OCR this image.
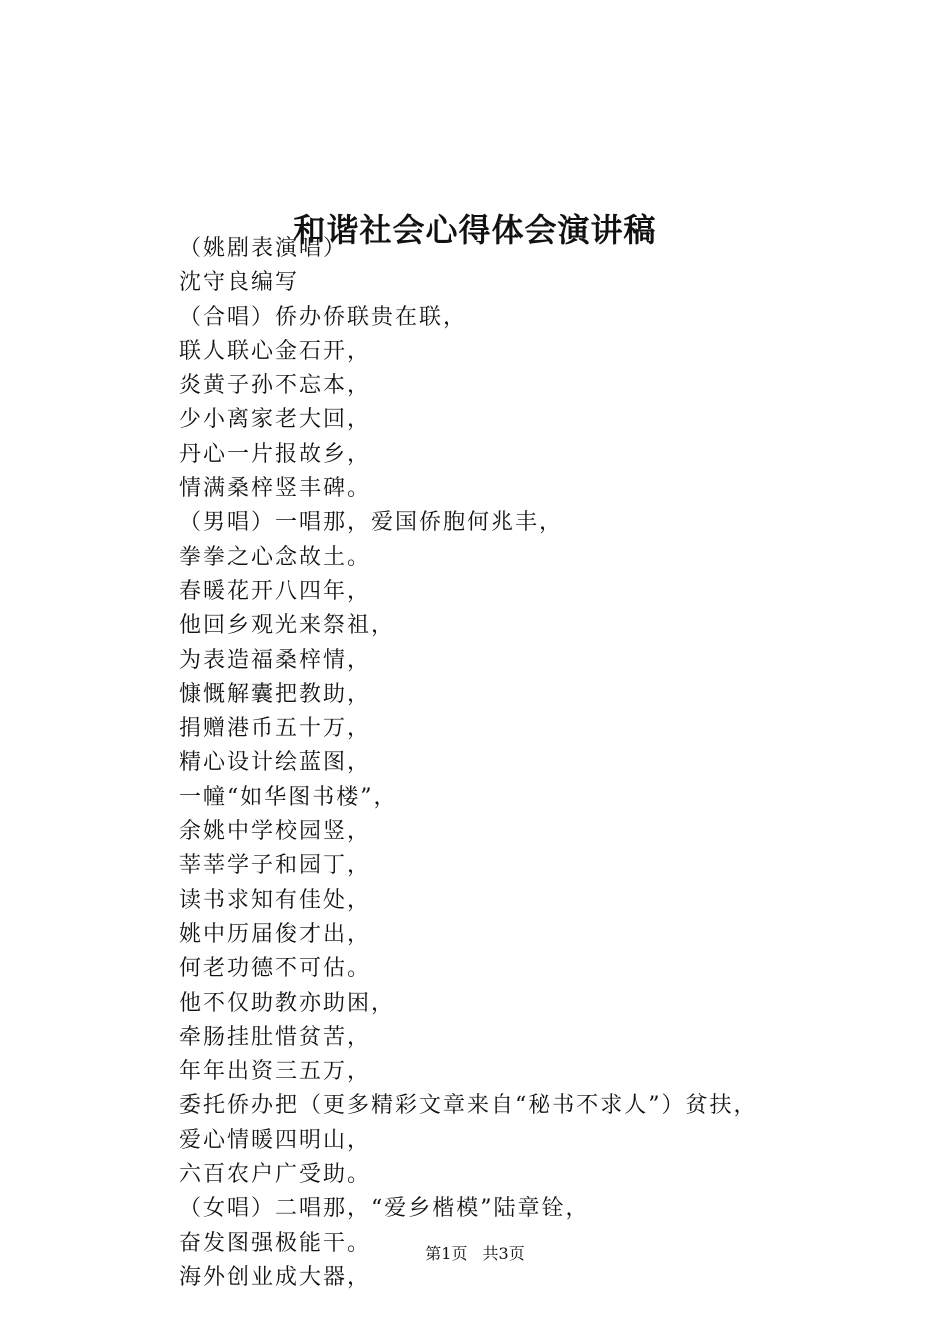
和谐社会心得体会演讲稿
（姚剧表演唱）
沈守良编写
（合唱）侨办侨联贵在联，
联人联心金石开，
炎黄子孙不忘本，
少小离家老大回，
丹心一片报故乡，
情满桑梓竖丰碑。
（男唱）一唱那，爱国侨胞何兆丰，
拳拳之心念故土。
春暖花开八四年，
他回乡观光来祭祖，
为表造福桑梓情，
慷慨解囊把教助，
捐赠港币五十万，
精心设计绘蓝图，
一幢“如华图书楼”，
余姚中学校园竖，
莘莘学子和园丁，
读书求知有佳处，
姚中历届俊才出，
何老功德不可估。
他不仅助教亦助困，
牵肠挂肚惜贫苦，
年年出资三五万，
委托侨办把（更多精彩文章来自“秘书不求人”）贫扶，
爱心情暖四明山，
六百农户广受助。
（女唱）二唱那，“爱乡楷模”陆章铨，
奋发图强极能干。
海外创业成大器，
第1页 共3页
